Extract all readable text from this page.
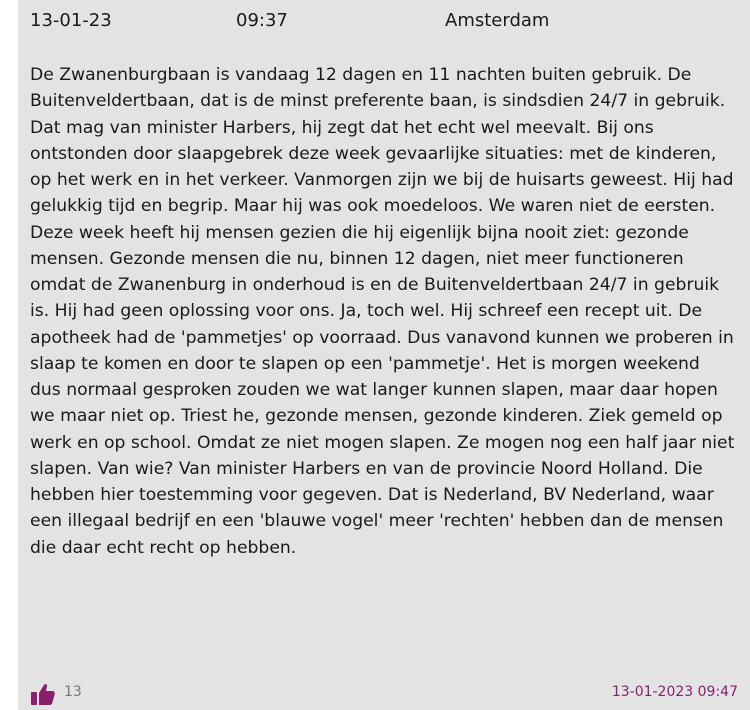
13-01-23	09:37	Amsterdam

De Zwanenburgbaan is vandaag 12 dagen en 11 nachten buiten gebruik. De Buitenveldertbaan, dat is de minst preferente baan, is sindsdien 24/7 in gebruik. Dat mag van minister Harbers, hij zegt dat het echt wel meevalt. Bij ons ontstonden door slaapgebrek deze week gevaarlijke situaties: met de kinderen, op het werk en in het verkeer. Vanmorgen zijn we bij de huisarts geweest. Hij had gelukkig tijd en begrip. Maar hij was ook moedeloos. We waren niet de eersten. Deze week heeft hij mensen gezien die hij eigenlijk bijna nooit ziet: gezonde mensen. Gezonde mensen die nu, binnen 12 dagen, niet meer functioneren omdat de Zwanenburg in onderhoud is en de Buitenveldertbaan 24/7 in gebruik is. Hij had geen oplossing voor ons. Ja, toch wel. Hij schreef een recept uit. De apotheek had de 'pammetjes' op voorraad. Dus vanavond kunnen we proberen in slaap te komen en door te slapen op een 'pammetje'. Het is morgen weekend dus normaal gesproken zouden we wat langer kunnen slapen, maar daar hopen we maar niet op. Triest he, gezonde mensen, gezonde kinderen. Ziek gemeld op werk en op school. Omdat ze niet mogen slapen. Ze mogen nog een half jaar niet slapen. Van wie? Van minister Harbers en van de provincie Noord Holland. Die hebben hier toestemming voor gegeven. Dat is Nederland, BV Nederland, waar een illegaal bedrijf en een 'blauwe vogel' meer 'rechten' hebben dan de mensen die daar echt recht op hebben.

13	13-01-2023 09:47
